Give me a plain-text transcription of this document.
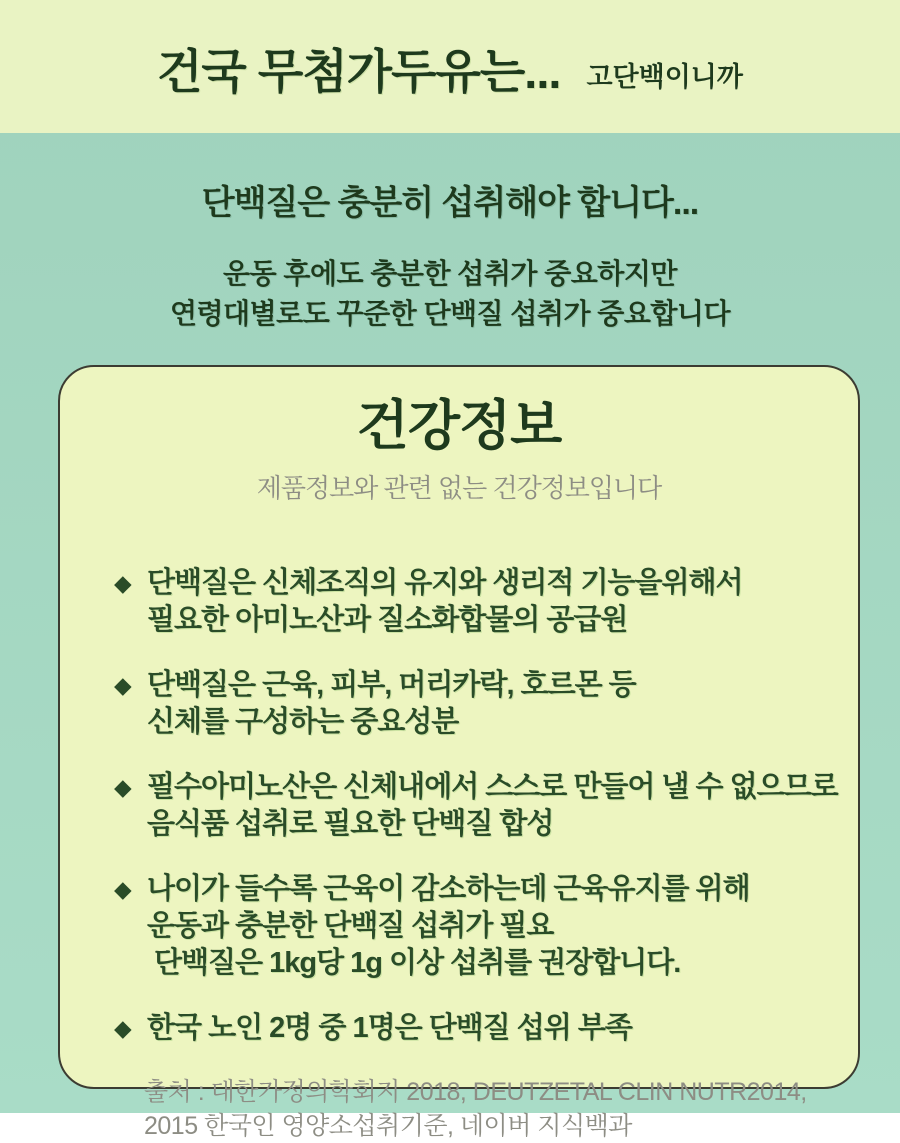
건국 무첨가두유는... 고단백이니까
단백질은 충분히 섭취해야 합니다...

운동 후에도 충분한 섭취가 중요하지만

연령대별로도 꾸준한 단백질 섭취가 중요합니다

건강정보

제품정보와 관련 없는 건강정보입니다

◆ 단백질은 신체조직의 유지와 생리적 기능을위해서
필요한 아미노산과 질소화합물의 공급원
◆ 단백질은 근육, 피부, 머리카락, 호르몬 등
신체를 구성하는 중요성분
◆ 필수아미노산은 신체내에서 스스로 만들어 낼 수 없으므로
음식품 섭취로 필요한 단백질 합성
◆ 나이가 들수록 근육이 감소하는데 근육유지를 위해
운동과 충분한 단백질 섭취가 필요
단백질은 1kg당 1g 이상 섭취를 권장합니다.
◆ 한국 노인 2명 중 1명은 단백질 섭위 부족

출처 : 대한가정의학회지 2018, DEUTZETAL CLIN NUTR2014,
2015 한국인 영양소섭취기준, 네이버 지식백과
